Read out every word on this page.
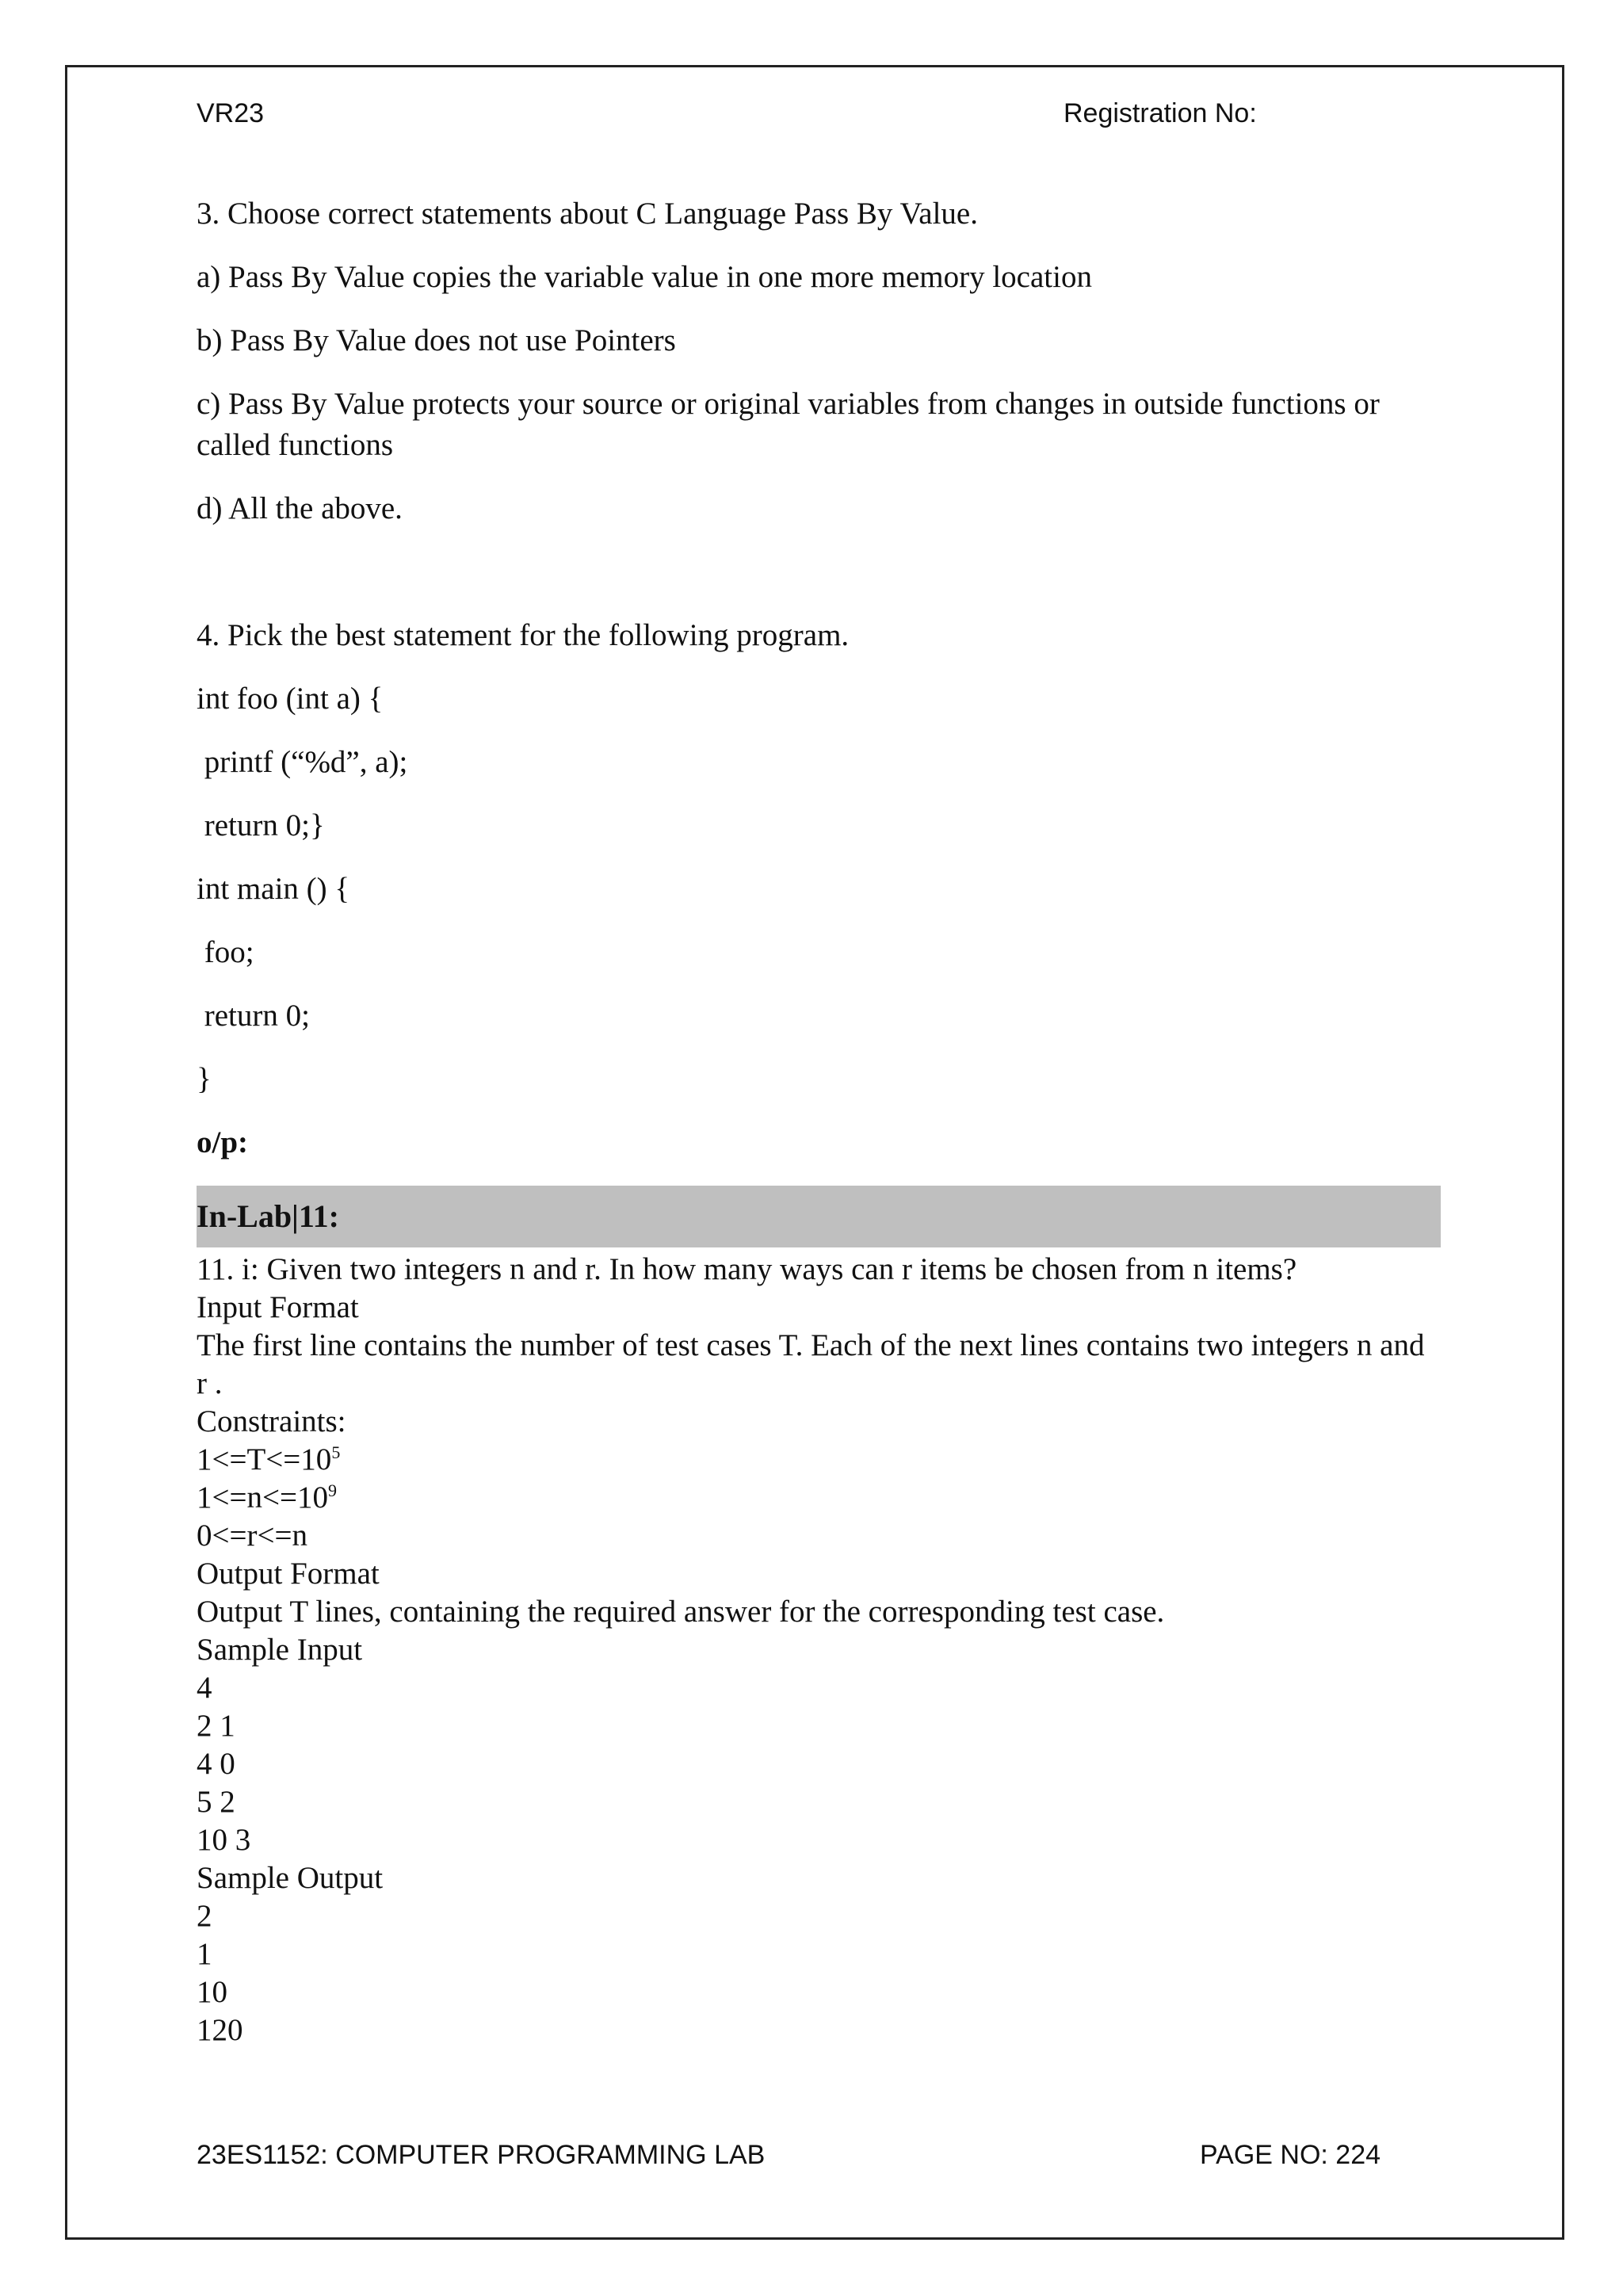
VR23	Registration No:

3. Choose correct statements about C Language Pass By Value.

a) Pass By Value copies the variable value in one more memory location

b) Pass By Value does not use Pointers

c) Pass By Value protects your source or original variables from changes in outside functions or called functions

d) All the above.

4. Pick the best statement for the following program.

int foo (int a) {

printf (“%d”, a);

return 0;}

int main () {

foo;

return 0;

}

o/p:

In-Lab|11:

11. i: Given two integers n and r. In how many ways can r items be chosen from n items?

Input Format

The first line contains the number of test cases T. Each of the next lines contains two integers n and r .

Constraints:

$1<=T<=10^5$

$1<=n<=10^9$

0<=r<=n

Output Format

Output T lines, containing the required answer for the corresponding test case.

Sample Input

4

2 1

4 0

5 2

10 3

Sample Output

2

1

10

120

23ES1152: COMPUTER PROGRAMMING LAB	PAGE NO: 224
